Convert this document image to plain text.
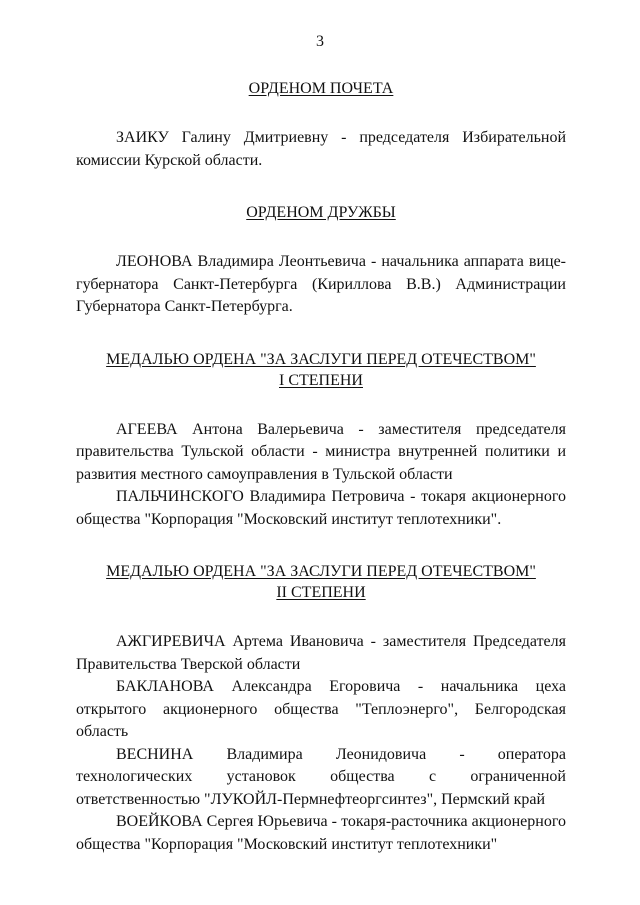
3

ОРДЕНОМ ПОЧЕТА

ЗАИКУ Галину Дмитриевну - председателя Избирательной комиссии Курской области.

ОРДЕНОМ ДРУЖБЫ

ЛЕОНОВА Владимира Леонтьевича - начальника аппарата вице-губернатора Санкт-Петербурга (Кириллова В.В.) Администрации Губернатора Санкт-Петербурга.

МЕДАЛЬЮ ОРДЕНА "ЗА ЗАСЛУГИ ПЕРЕД ОТЕЧЕСТВОМ"

I СТЕПЕНИ

АГЕЕВА Антона Валерьевича - заместителя председателя правительства Тульской области - министра внутренней политики и развития местного самоуправления в Тульской области

ПАЛЬЧИНСКОГО Владимира Петровича - токаря акционерного общества "Корпорация "Московский институт теплотехники".

МЕДАЛЬЮ ОРДЕНА "ЗА ЗАСЛУГИ ПЕРЕД ОТЕЧЕСТВОМ"

II СТЕПЕНИ

АЖГИРЕВИЧА Артема Ивановича - заместителя Председателя Правительства Тверской области

БАКЛАНОВА Александра Егоровича - начальника цеха открытого акционерного общества "Теплоэнерго", Белгородская область

ВЕСНИНА Владимира Леонидовича - оператора технологических установок общества с ограниченной ответственностью "ЛУКОЙЛ-Пермнефтеоргсинтез", Пермский край

ВОЕЙКОВА Сергея Юрьевича - токаря-расточника акционерного общества "Корпорация "Московский институт теплотехники"
